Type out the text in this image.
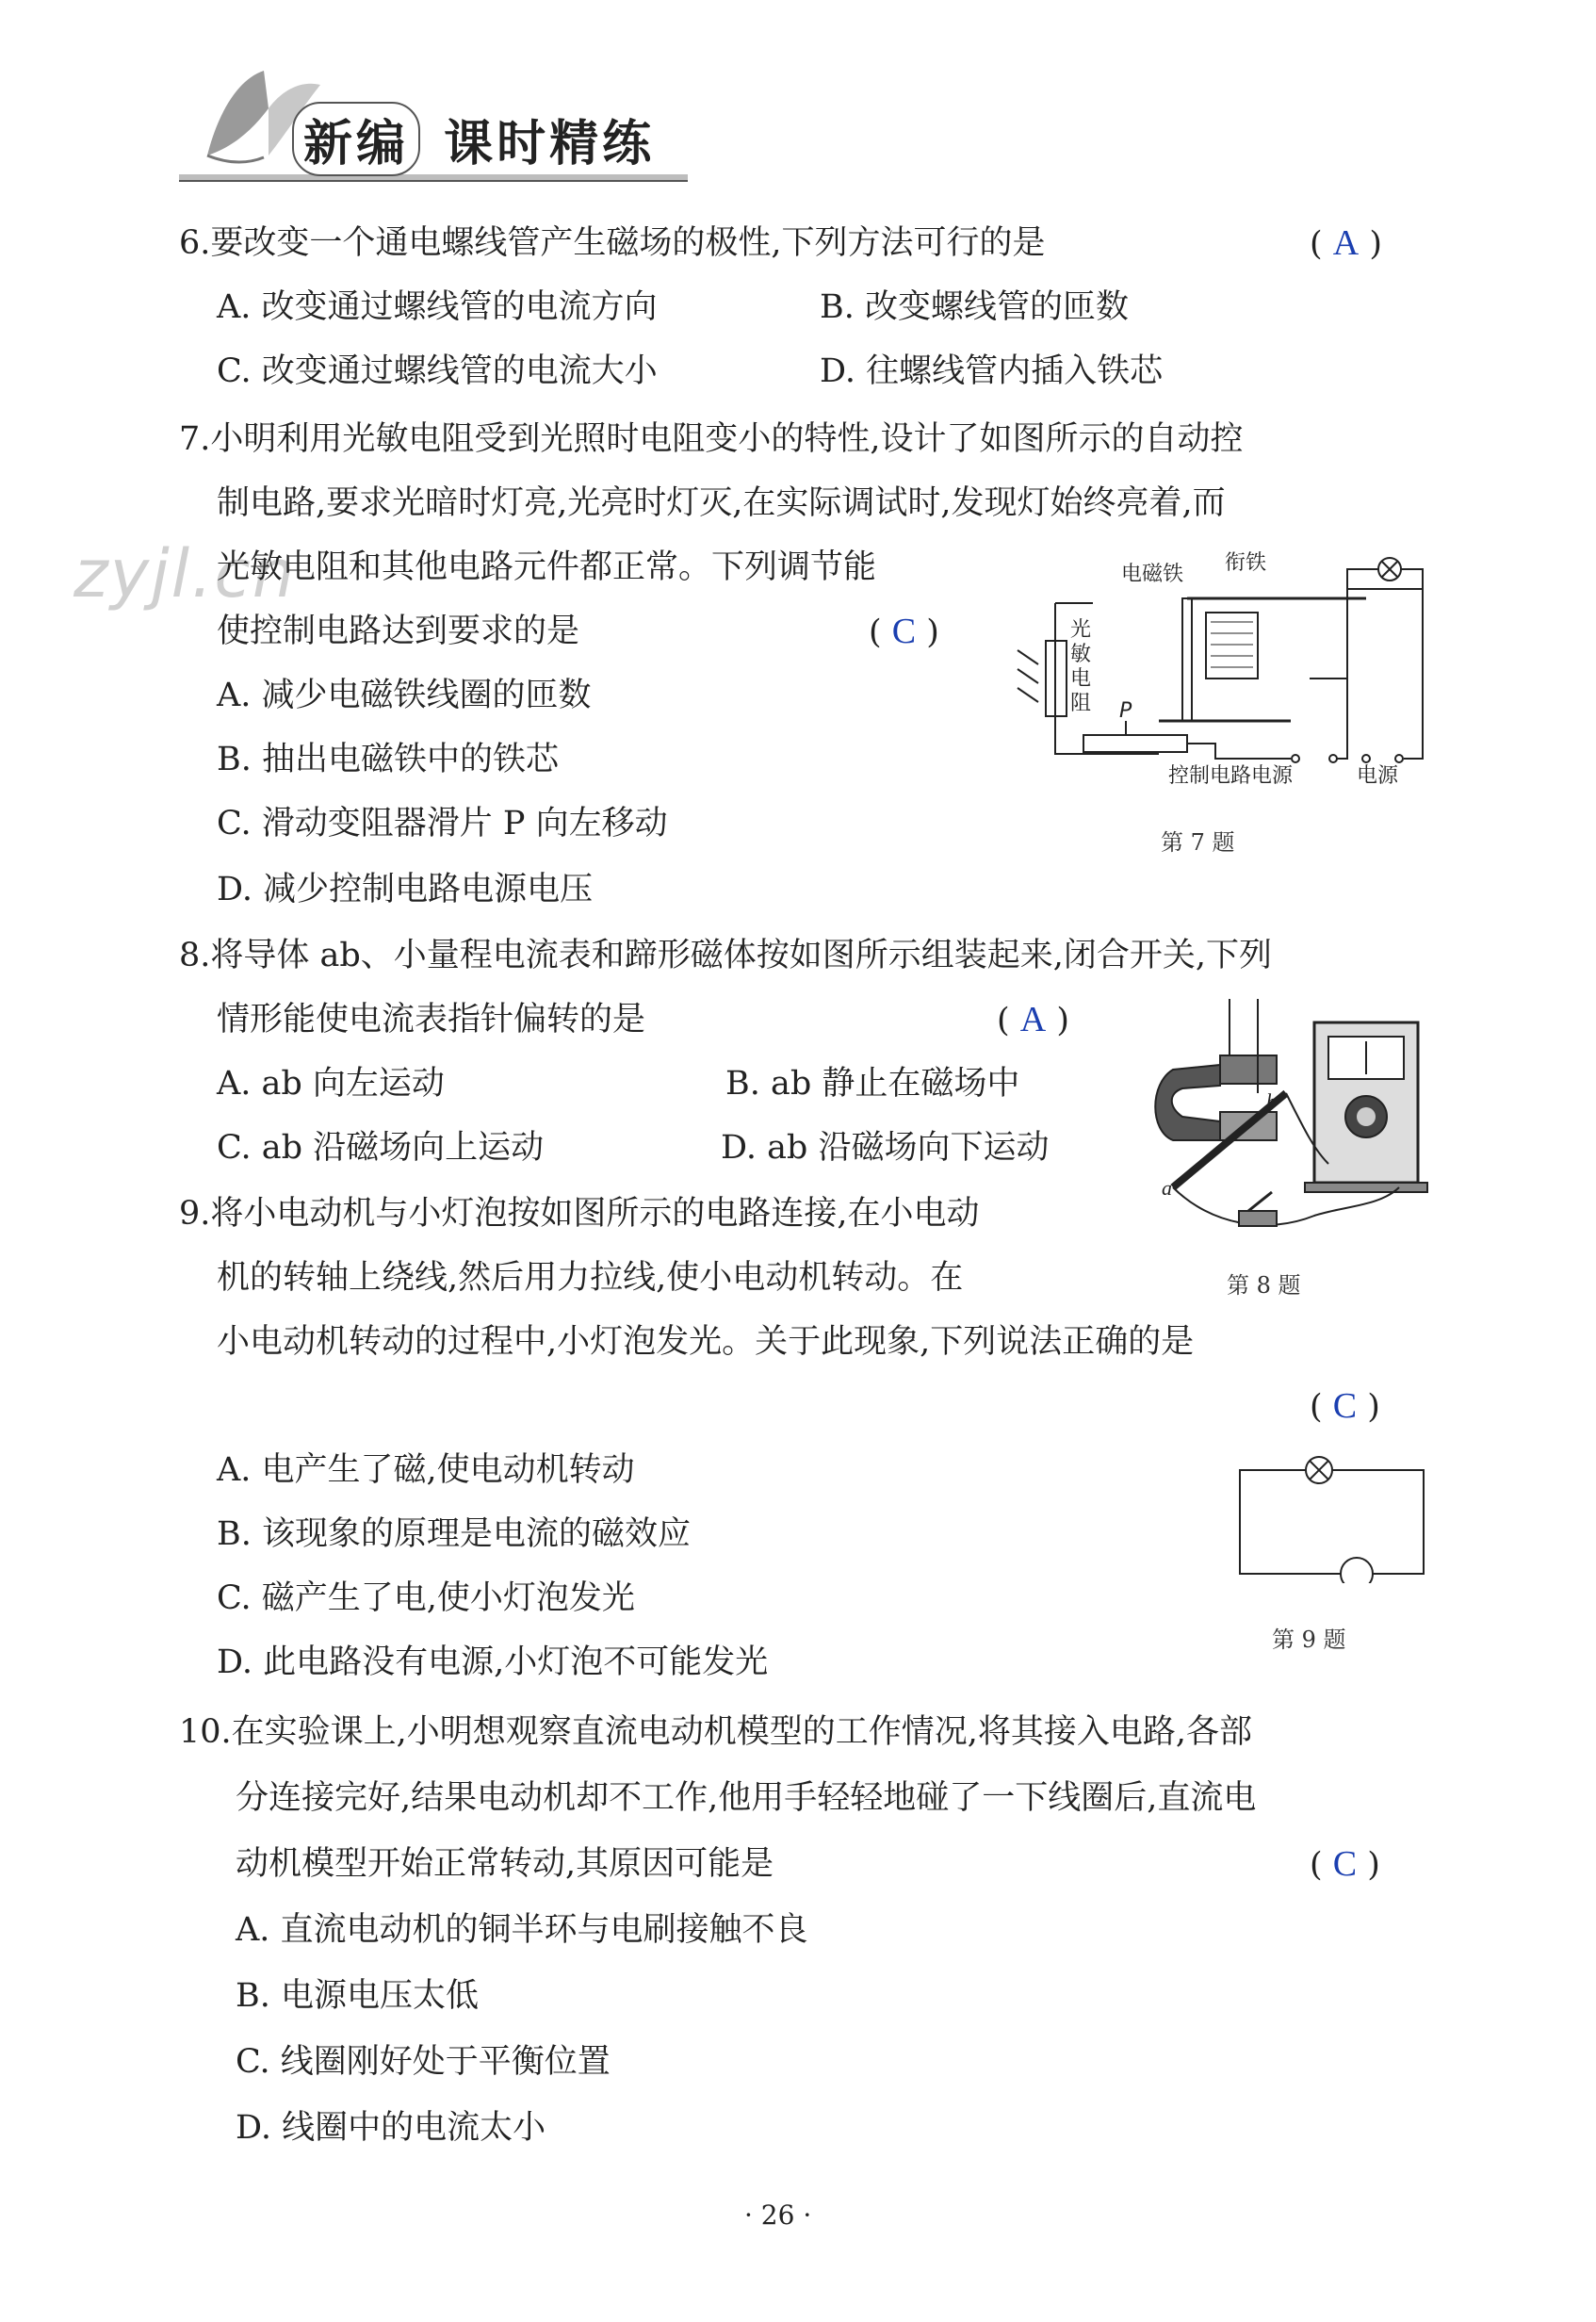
新编 课时精练
zyjl.cn
6.要改变一个通电螺线管产生磁场的极性,下列方法可行的是	( A )
A. 改变通过螺线管的电流方向	B. 改变螺线管的匝数
C. 改变通过螺线管的电流大小	D. 往螺线管内插入铁芯
7.小明利用光敏电阻受到光照时电阻变小的特性,设计了如图所示的自动控
制电路,要求光暗时灯亮,光亮时灯灭,在实际调试时,发现灯始终亮着,而
光敏电阻和其他电路元件都正常。下列调节能
使控制电路达到要求的是	( C )
A. 减少电磁铁线圈的匝数
B. 抽出电磁铁中的铁芯
C. 滑动变阻器滑片 P 向左移动
D. 减少控制电路电源电压
电磁铁 衔铁
光
敏
电
阻 P
控制电路电源	电源
第 7 题
8.将导体 ab、小量程电流表和蹄形磁体按如图所示组装起来,闭合开关,下列
情形能使电流表指针偏转的是	( A )
A. ab 向左运动	B. ab 静止在磁场中
C. ab 沿磁场向上运动	D. ab 沿磁场向下运动
b
a
第 8 题
9.将小电动机与小灯泡按如图所示的电路连接,在小电动
机的转轴上绕线,然后用力拉线,使小电动机转动。在
小电动机转动的过程中,小灯泡发光。关于此现象,下列说法正确的是
( C )
A. 电产生了磁,使电动机转动
B. 该现象的原理是电流的磁效应
C. 磁产生了电,使小灯泡发光
D. 此电路没有电源,小灯泡不可能发光
第 9 题
10.在实验课上,小明想观察直流电动机模型的工作情况,将其接入电路,各部
分连接完好,结果电动机却不工作,他用手轻轻地碰了一下线圈后,直流电
动机模型开始正常转动,其原因可能是	( C )
A. 直流电动机的铜半环与电刷接触不良
B. 电源电压太低
C. 线圈刚好处于平衡位置
D. 线圈中的电流太小
· 26 ·
